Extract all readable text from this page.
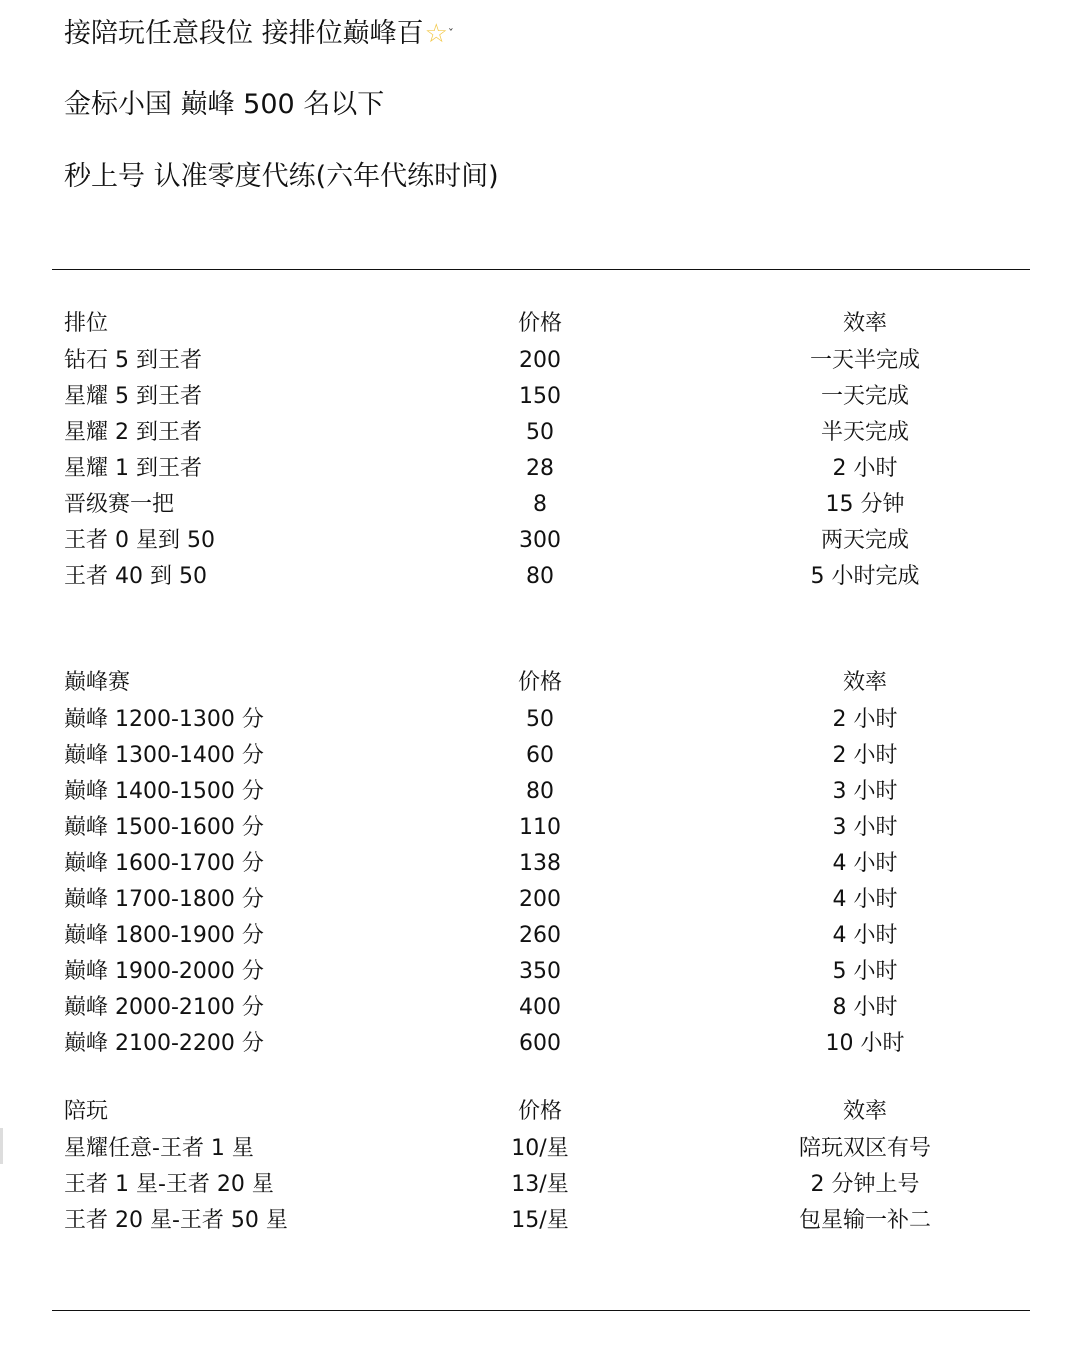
接陪玩任意段位 接排位巅峰百☆ˇ
金标小国 巅峰 500 名以下
秒上号 认准零度代练(六年代练时间)
排位	价格	效率
钻石 5 到王者	200	一天半完成
星耀 5 到王者	150	一天完成
星耀 2 到王者	50	半天完成
星耀 1 到王者	28	2 小时
晋级赛一把	8	15 分钟
王者 0 星到 50	300	两天完成
王者 40 到 50	80	5 小时完成
巅峰赛	价格	效率
巅峰 1200-1300 分	50	2 小时
巅峰 1300-1400 分	60	2 小时
巅峰 1400-1500 分	80	3 小时
巅峰 1500-1600 分	110	3 小时
巅峰 1600-1700 分	138	4 小时
巅峰 1700-1800 分	200	4 小时
巅峰 1800-1900 分	260	4 小时
巅峰 1900-2000 分	350	5 小时
巅峰 2000-2100 分	400	8 小时
巅峰 2100-2200 分	600	10 小时
陪玩	价格	效率
星耀任意-王者 1 星	10/星	陪玩双区有号
王者 1 星-王者 20 星	13/星	2 分钟上号
王者 20 星-王者 50 星	15/星	包星输一补二
